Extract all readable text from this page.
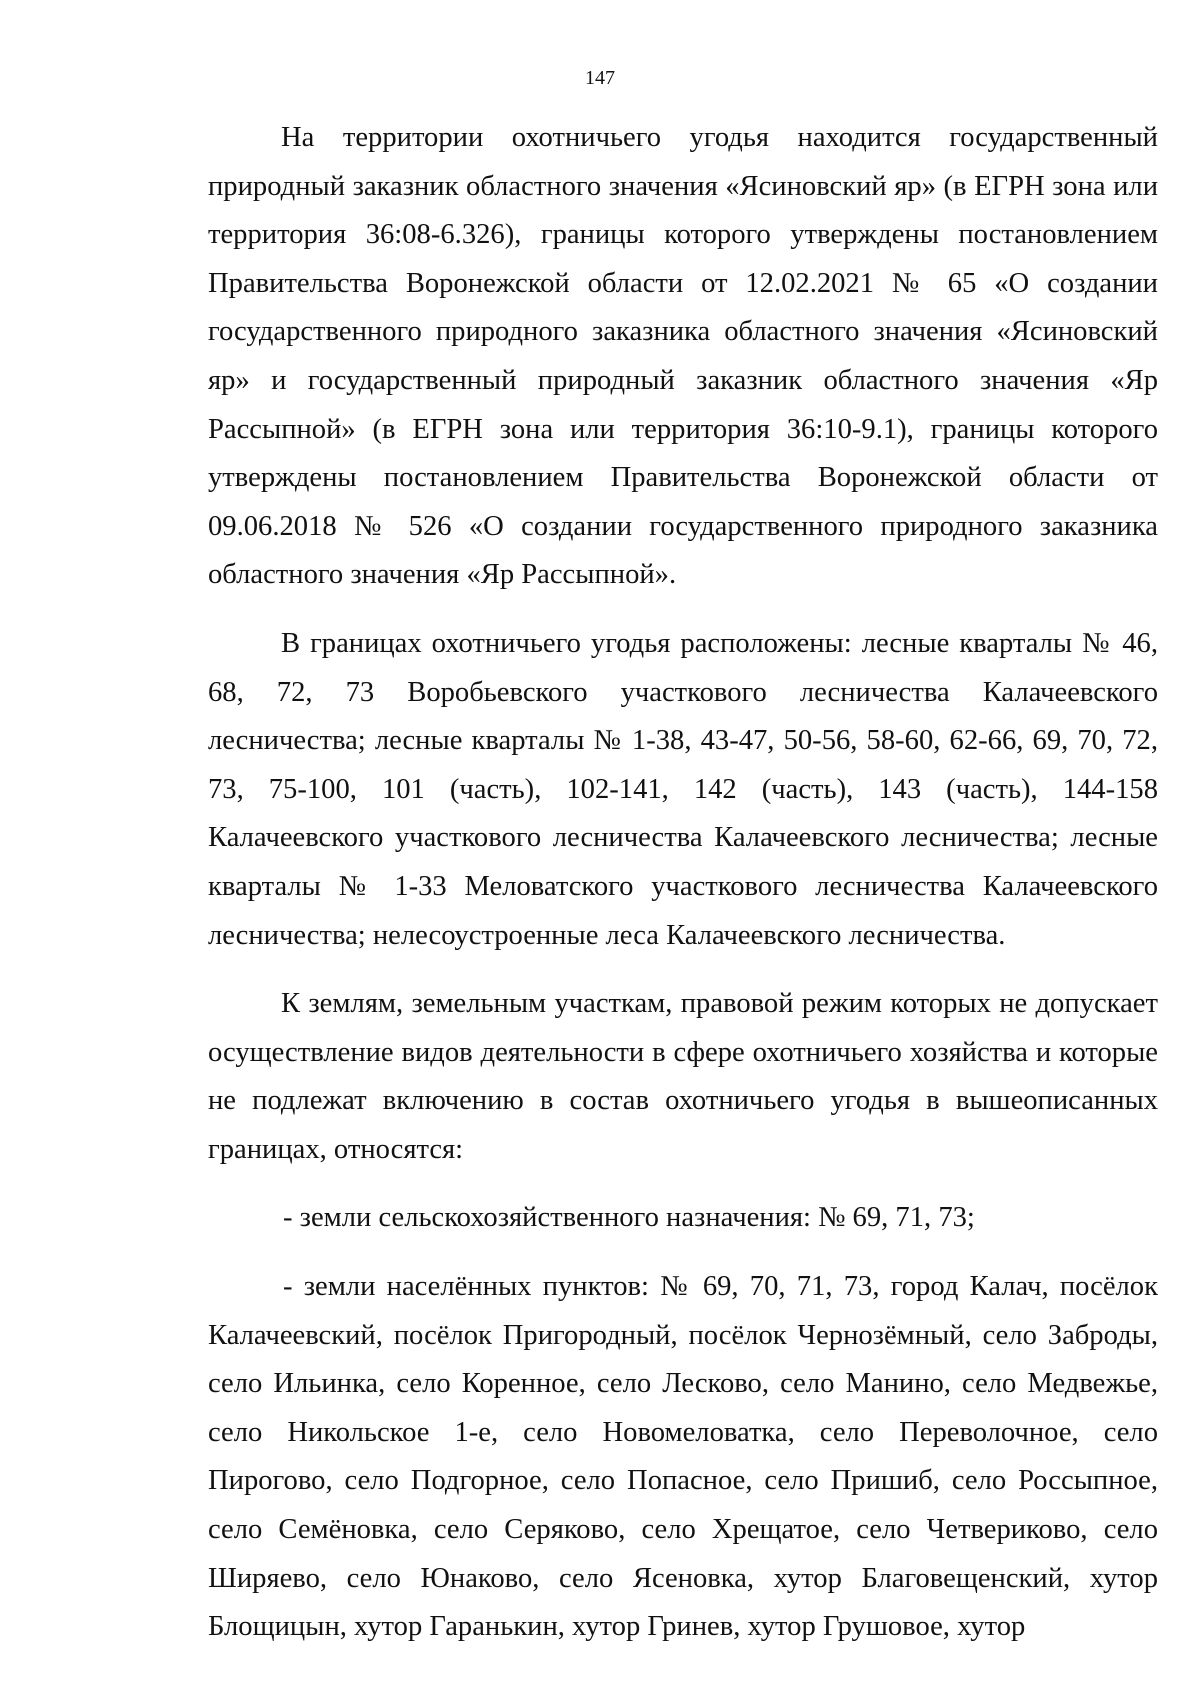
147

На территории охотничьего угодья находится государственный природный заказник областного значения «Ясиновский яр» (в ЕГРН зона или территория 36:08-6.326), границы которого утверждены постановлением Правительства Воронежской области от 12.02.2021 № 65 «О создании государственного природного заказника областного значения «Ясиновский яр» и государственный природный заказник областного значения «Яр Рассыпной» (в ЕГРН зона или территория 36:10-9.1), границы которого утверждены постановлением Правительства Воронежской области от 09.06.2018 № 526 «О создании государственного природного заказника областного значения «Яр Рассыпной».

В границах охотничьего угодья расположены: лесные кварталы № 46, 68, 72, 73 Воробьевского участкового лесничества Калачеевского лесничества; лесные кварталы № 1-38, 43-47, 50-56, 58-60, 62-66, 69, 70, 72, 73, 75-100, 101 (часть), 102-141, 142 (часть), 143 (часть), 144-158 Калачеевского участкового лесничества Калачеевского лесничества; лесные кварталы № 1-33 Меловатского участкового лесничества Калачеевского лесничества; нелесоустроенные леса Калачеевского лесничества.

К землям, земельным участкам, правовой режим которых не допускает осуществление видов деятельности в сфере охотничьего хозяйства и которые не подлежат включению в состав охотничьего угодья в вышеописанных границах, относятся:

- земли сельскохозяйственного назначения: № 69, 71, 73;

- земли населённых пунктов: № 69, 70, 71, 73, город Калач, посёлок Калачеевский, посёлок Пригородный, посёлок Чернозёмный, село Заброды, село Ильинка, село Коренное, село Лесково, село Манино, село Медвежье, село Никольское 1-е, село Новомеловатка, село Переволочное, село Пирогово, село Подгорное, село Попасное, село Пришиб, село Россыпное, село Семёновка, село Серяково, село Хрещатое, село Четвериково, село Ширяево, село Юнаково, село Ясеновка, хутор Благовещенский, хутор Блощицын, хутор Гаранькин, хутор Гринев, хутор Грушовое, хутор
